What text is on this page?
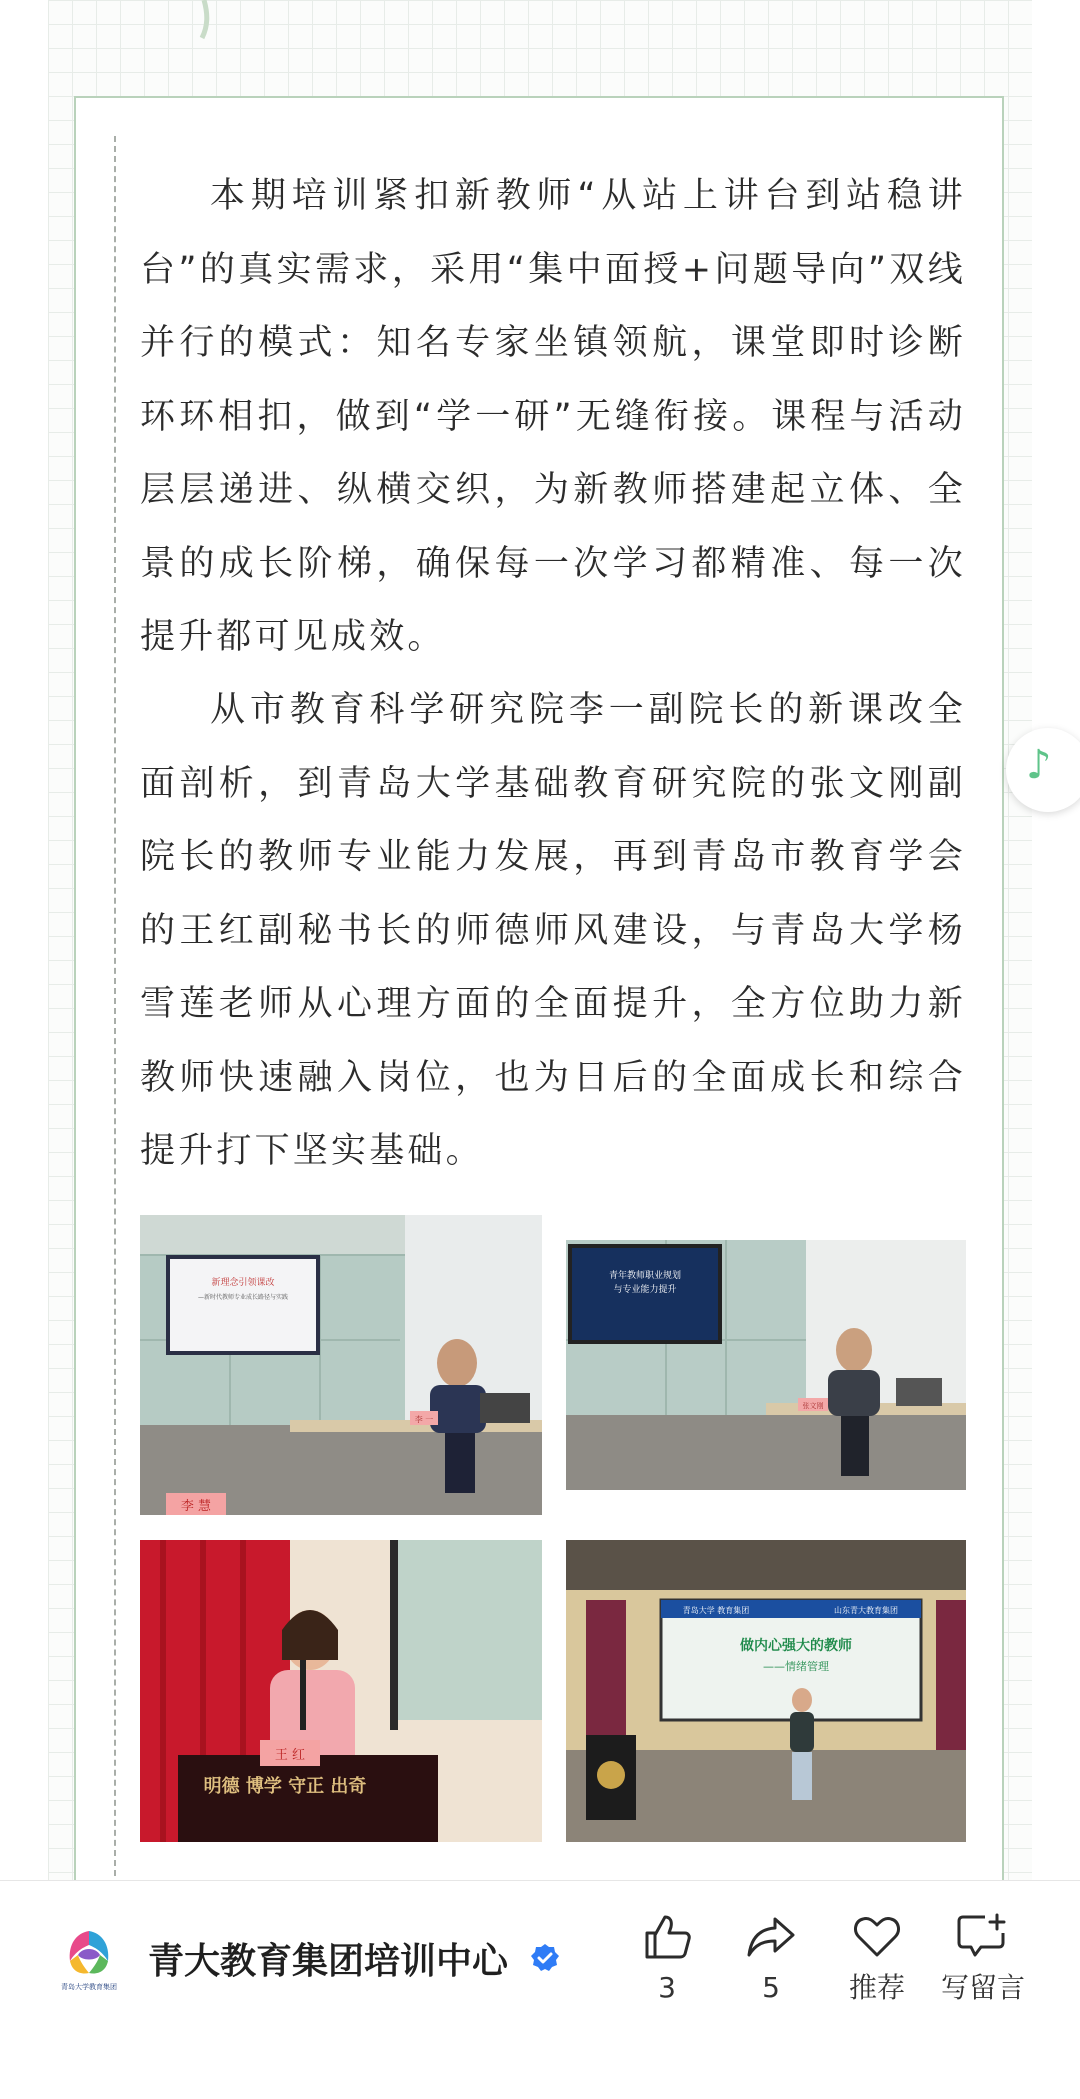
本期培训紧扣新教师“从站上讲台到站稳讲台”的真实需求，采用“集中面授+问题导向”双线并行的模式：知名专家坐镇领航，课堂即时诊断环环相扣，做到“学一研”无缝衔接。课程与活动层层递进、纵横交织，为新教师搭建起立体、全景的成长阶梯，确保每一次学习都精准、每一次提升都可见成效。

从市教育科学研究院李一副院长的新课改全面剖析，到青岛大学基础教育研究院的张文刚副院长的教师专业能力发展，再到青岛市教育学会的王红副秘书长的师德师风建设，与青岛大学杨雪莲老师从心理方面的全面提升，全方位助力新教师快速融入岗位，也为日后的全面成长和综合提升打下坚实基础。

新理念引领课改
—新时代教师专业成长路径与实践
李 一
李 慧
青年教师职业规划
与专业能力提升
张文刚
明德 博学 守正 出奇
王 红
青岛大学 教育集团	山东青大教育集团
做内心强大的教师
——情绪管理
♪
青岛大学教育集团
青大教育集团培训中心
3	5	推荐	写留言
